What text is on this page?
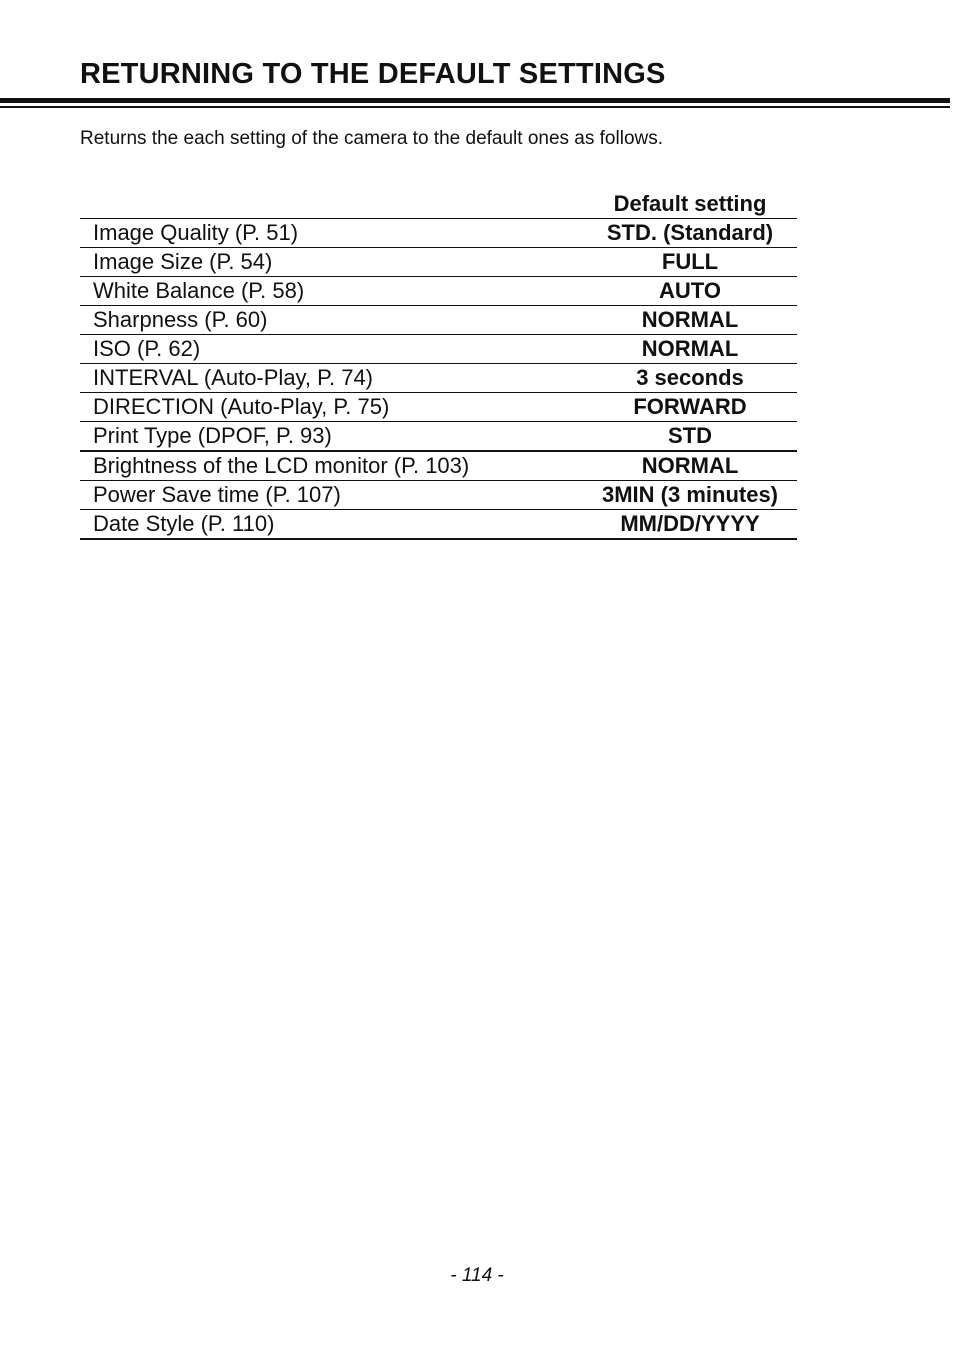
RETURNING TO THE DEFAULT SETTINGS

Returns the each setting of the camera to the default ones as follows.

	Default setting
Image Quality (P. 51)	STD. (Standard)
Image Size (P. 54)	FULL
White Balance (P. 58)	AUTO
Sharpness (P. 60)	NORMAL
ISO (P. 62)	NORMAL
INTERVAL (Auto-Play, P. 74)	3 seconds
DIRECTION (Auto-Play, P. 75)	FORWARD
Print Type (DPOF, P. 93)	STD
Brightness of the LCD monitor (P. 103)	NORMAL
Power Save time (P. 107)	3MIN (3 minutes)
Date Style (P. 110)	MM/DD/YYYY

- 114 -
